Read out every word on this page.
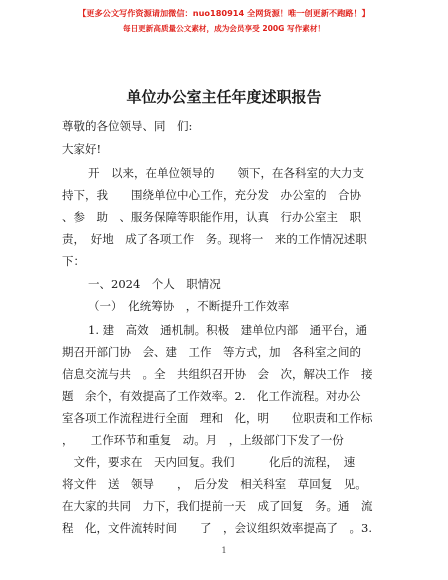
【更多公文写作资源请加微信：nuo180914 全网货源！唯一创更新不跑路！】
每日更新高质量公文素材，成为会员享受 200G 写作素材！
单位办公室主任年度述职报告
尊敬的各位领导、同　们:
大家好!
开　以来，在单位领导的　　领下，在各科室的大力支
持下，我　　围绕单位中心工作，充分发　办公室的　合协
、参　助　、服务保障等职能作用，认真　行办公室主　职
责，　好地　成了各项工作　务。现将一　来的工作情况述职
下：
一、2024　个人　职情况
（一）　化统筹协　，不断提升工作效率
1. 建　高效　通机制。积极　建单位内部　通平台，通
期召开部门协　会、建　工作　等方式，加　各科室之间的
信息交流与共　。全　共组织召开协　会　次，解决工作　接
题　余个，有效提高了工作效率。2.　化工作流程。对办公
室各项工作流程进行全面　理和　化，明　　位职责和工作标
，　　工作环节和重复　动。月　，上级部门下发了一份
　文件，要求在　天内回复。我们　　　化后的流程，　速
将文件　送　领导　　，　后分发　相关科室　草回复　见。
在大家的共同　力下，我们提前一天　成了回复　务。通　流
程　化，文件流转时间　　了　，会议组织效率提高了　。3.
1
